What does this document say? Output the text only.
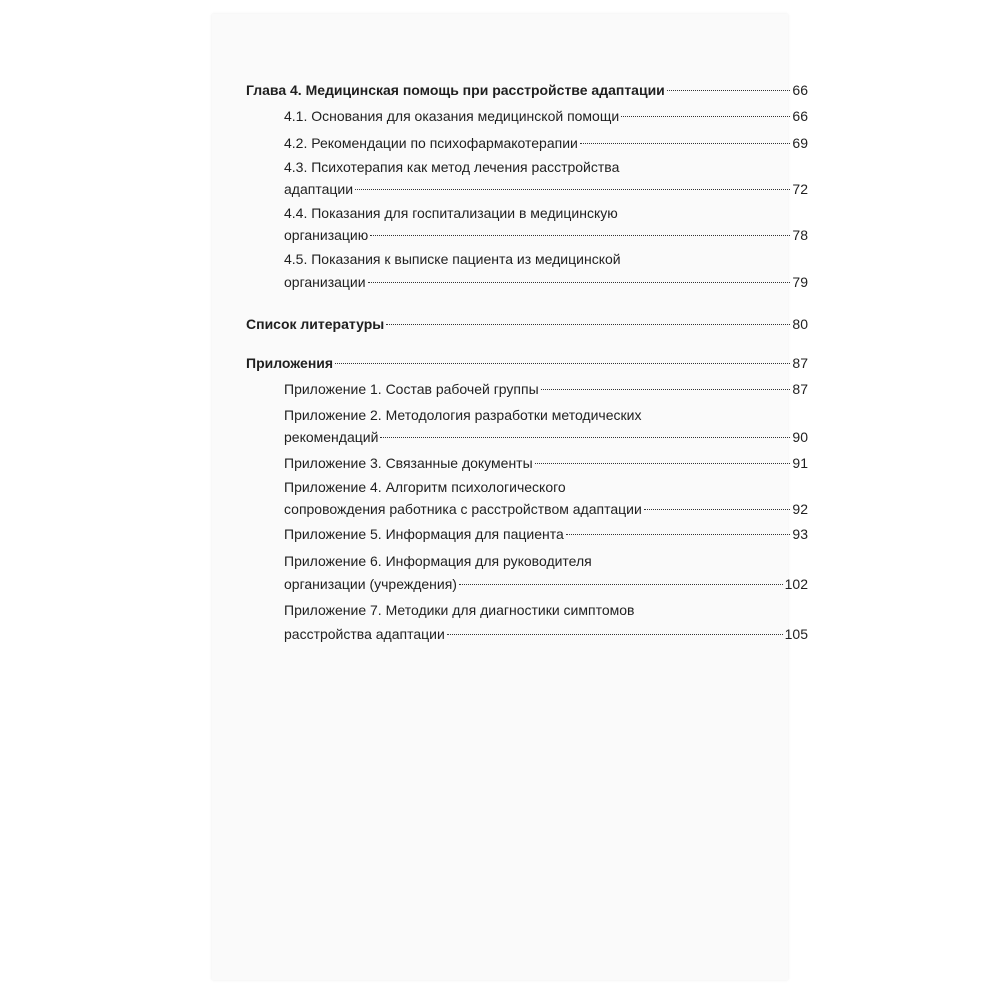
‌‌‌‌
Глава 4. Медицинская помощь при расстройстве адаптации	66
4.1. Основания для оказания медицинской помощи	66
4.2. Рекомендации по психофармакотерапии	69
4.3. Психотерапия как метод лечения расстройства
адаптации	72
4.4. Показания для госпитализации в медицинскую
организацию	78
4.5. Показания к выписке пациента из медицинской
организации	79
Список литературы	80
Приложения	87
Приложение 1. Состав рабочей группы	87
Приложение 2. Методология разработки методических
рекомендаций	90
Приложение 3. Связанные документы	91
Приложение 4. Алгоритм психологического
сопровождения работника с расстройством адаптации	92
Приложение 5. Информация для пациента	93
Приложение 6. Информация для руководителя
организации (учреждения)	102
Приложение 7. Методики для диагностики симптомов
расстройства адаптации	105
